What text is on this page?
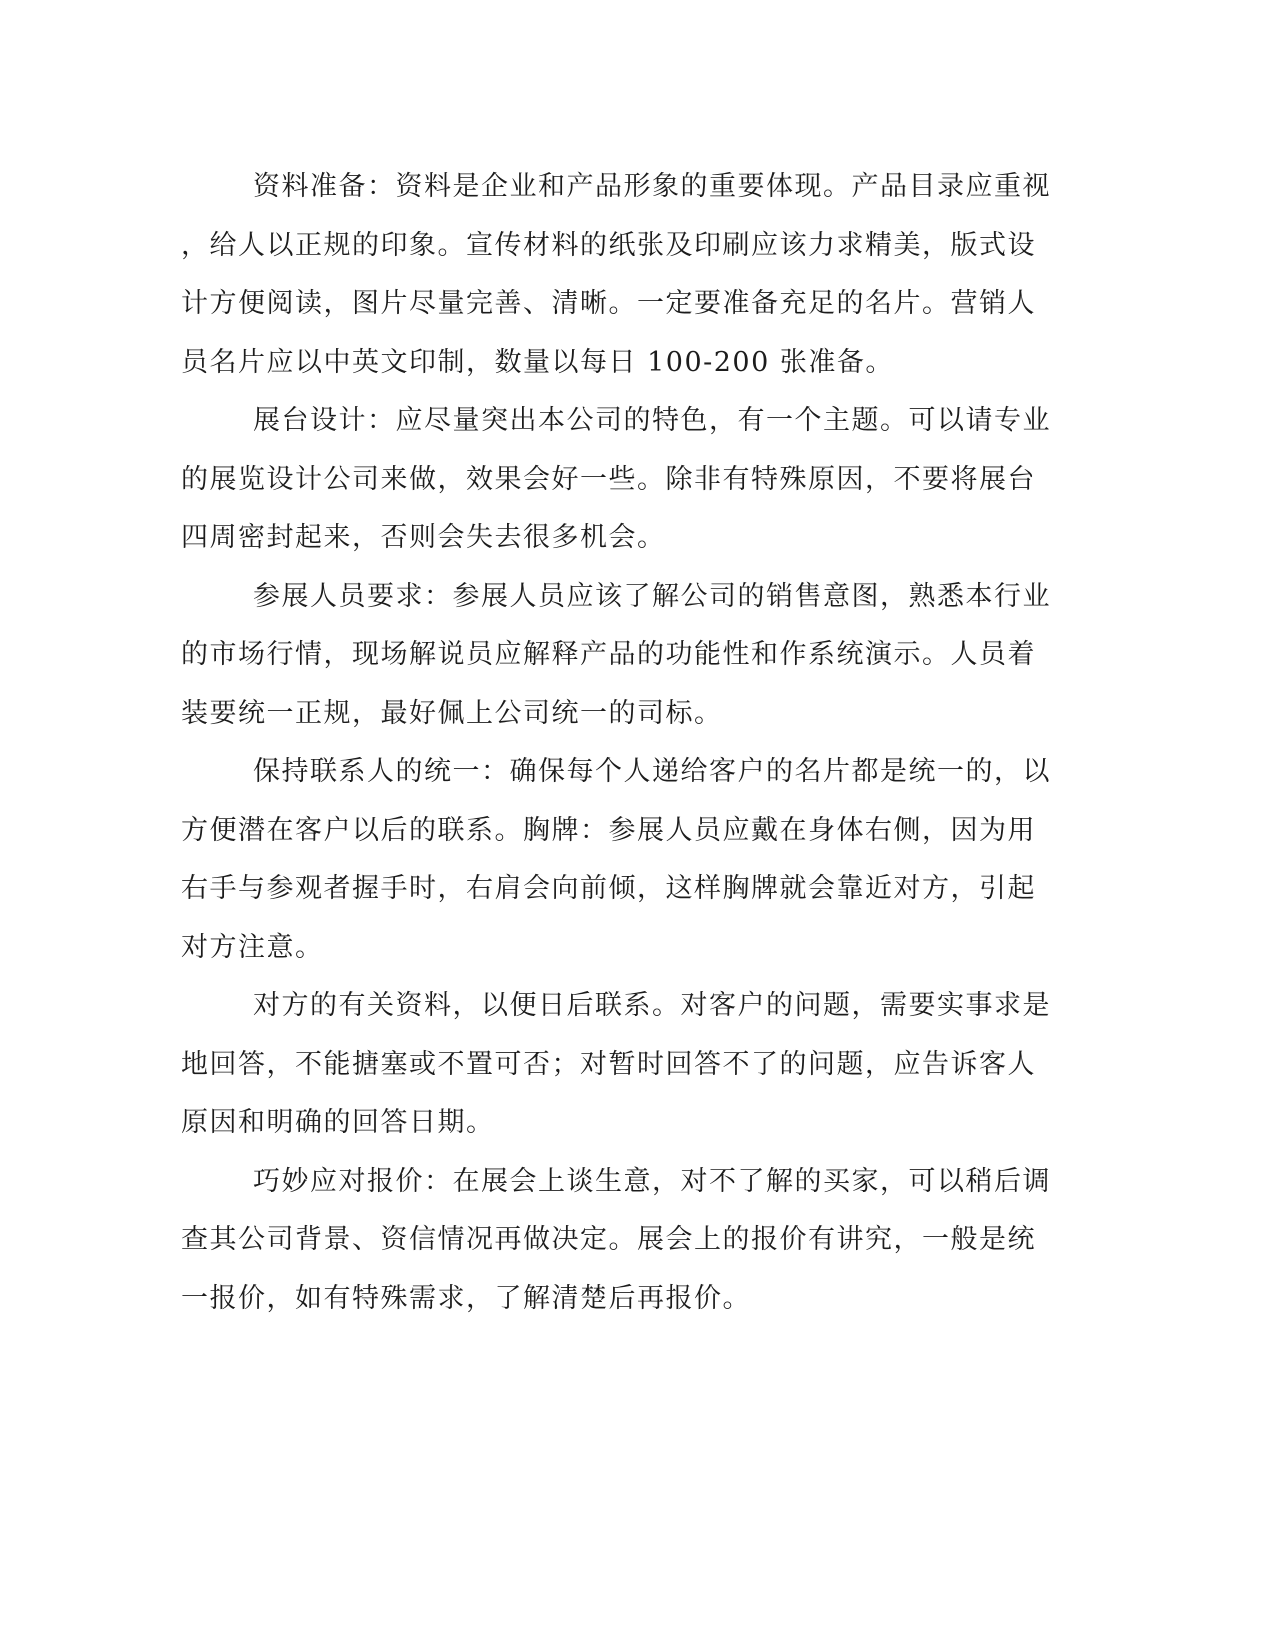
资料准备：资料是企业和产品形象的重要体现。产品目录应重视
，给人以正规的印象。宣传材料的纸张及印刷应该力求精美，版式设
计方便阅读，图片尽量完善、清晰。一定要准备充足的名片。营销人
员名片应以中英文印制，数量以每日 100-200 张准备。
展台设计：应尽量突出本公司的特色，有一个主题。可以请专业
的展览设计公司来做，效果会好一些。除非有特殊原因，不要将展台
四周密封起来，否则会失去很多机会。
参展人员要求：参展人员应该了解公司的销售意图，熟悉本行业
的市场行情，现场解说员应解释产品的功能性和作系统演示。人员着
装要统一正规，最好佩上公司统一的司标。
保持联系人的统一：确保每个人递给客户的名片都是统一的，以
方便潜在客户以后的联系。胸牌：参展人员应戴在身体右侧，因为用
右手与参观者握手时，右肩会向前倾，这样胸牌就会靠近对方，引起
对方注意。
对方的有关资料，以便日后联系。对客户的问题，需要实事求是
地回答，不能搪塞或不置可否；对暂时回答不了的问题，应告诉客人
原因和明确的回答日期。
巧妙应对报价：在展会上谈生意，对不了解的买家，可以稍后调
查其公司背景、资信情况再做决定。展会上的报价有讲究，一般是统
一报价，如有特殊需求，了解清楚后再报价。
